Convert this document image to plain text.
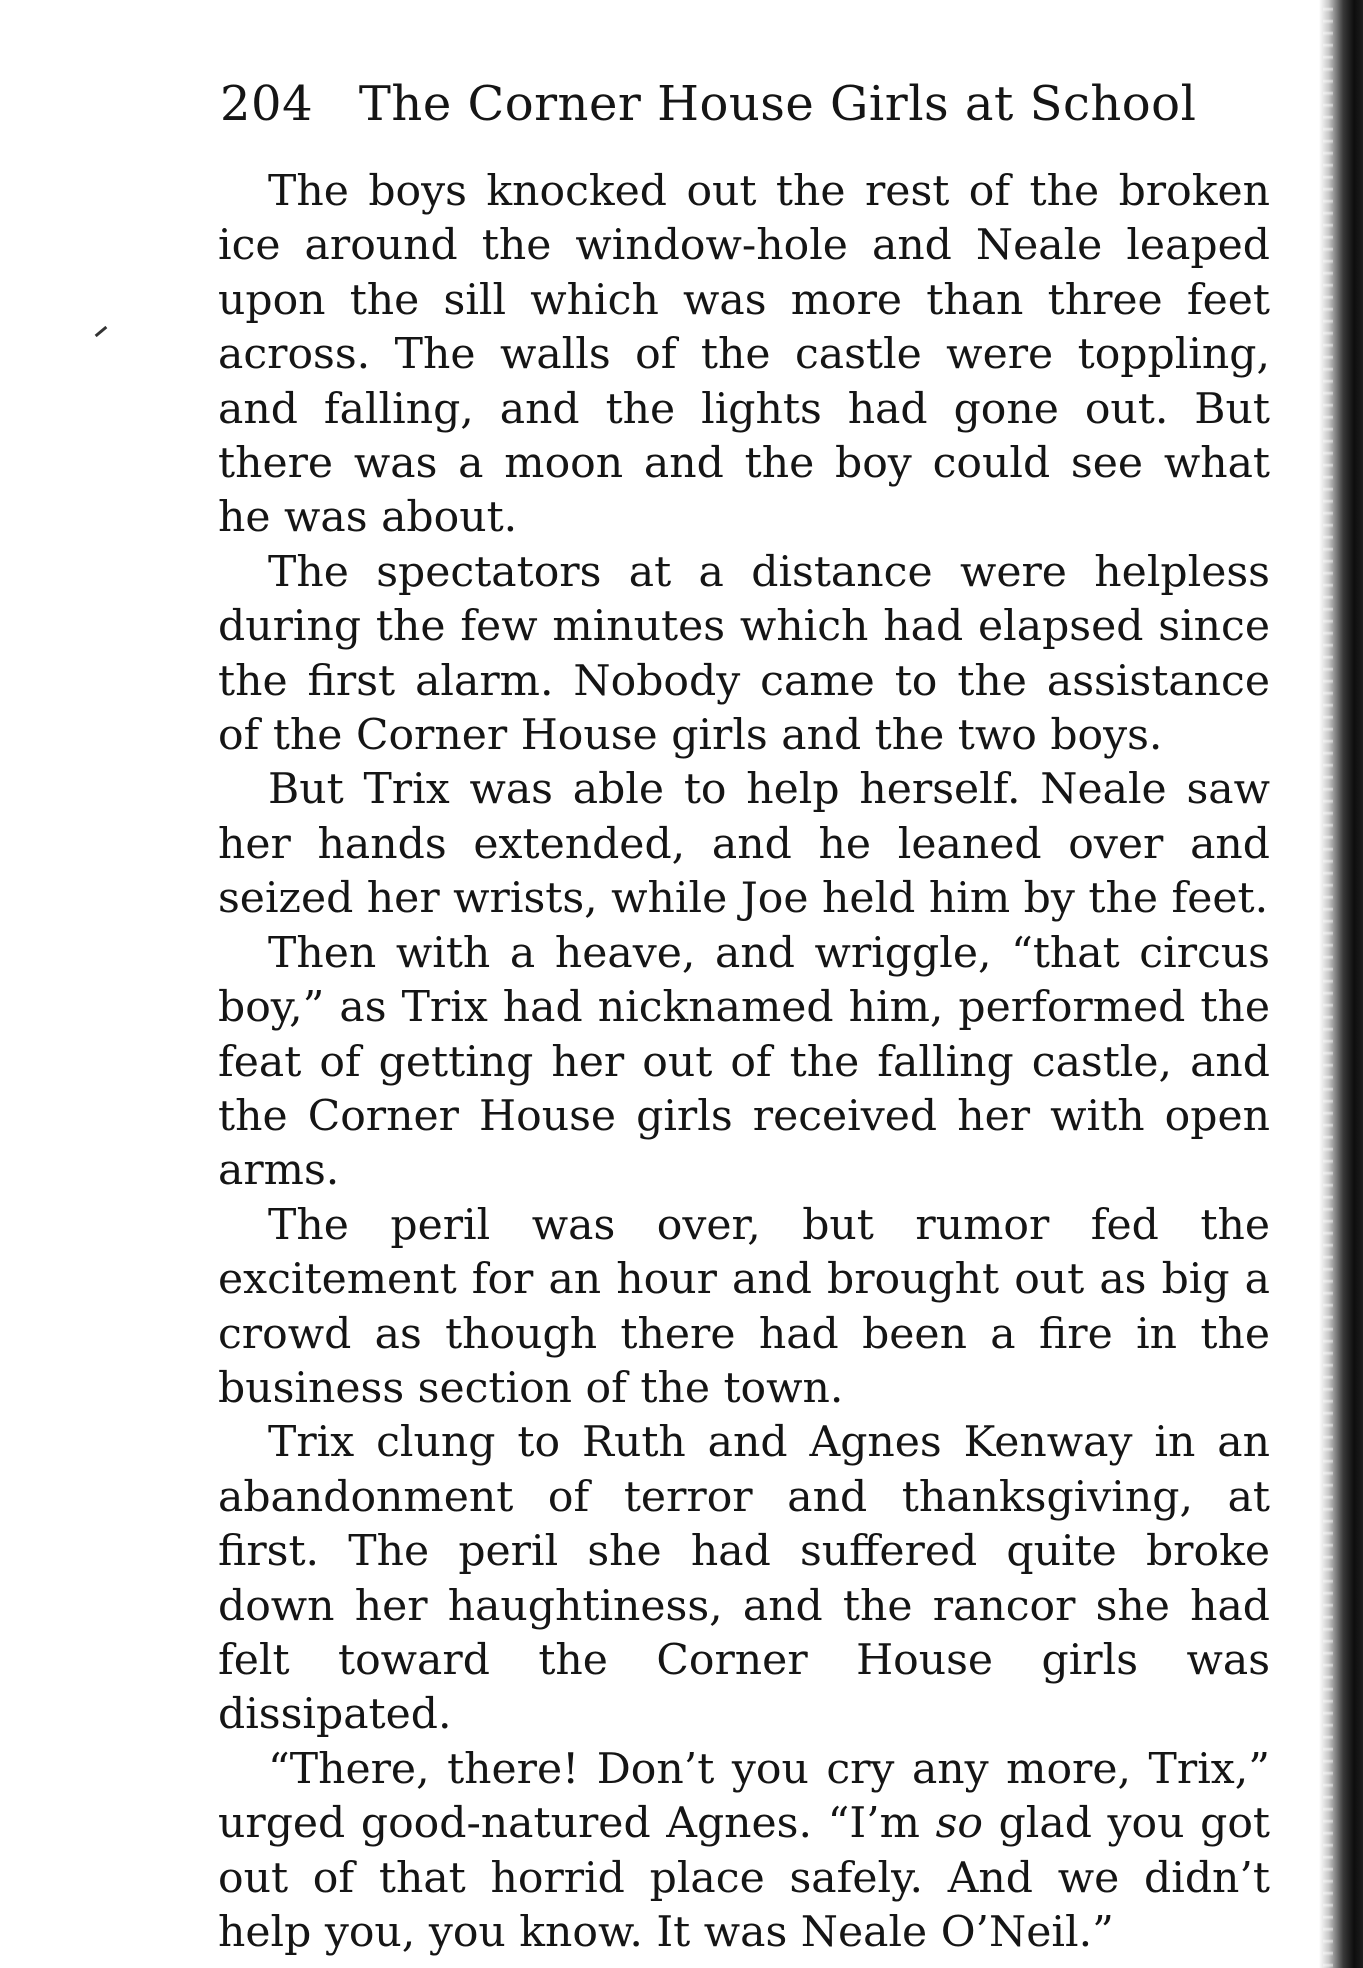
204 The Corner House Girls at School

The boys knocked out the rest of the broken ice around the window-hole and Neale leaped upon the sill which was more than three feet across. The walls of the castle were toppling, and falling, and the lights had gone out. But there was a moon and the boy could see what he was about.

The spectators at a distance were helpless during the few minutes which had elapsed since the first alarm. Nobody came to the assistance of the Corner House girls and the two boys.

But Trix was able to help herself. Neale saw her hands extended, and he leaned over and seized her wrists, while Joe held him by the feet.

Then with a heave, and wriggle, “that circus boy,” as Trix had nicknamed him, performed the feat of getting her out of the falling castle, and the Corner House girls received her with open arms.

The peril was over, but rumor fed the excitement for an hour and brought out as big a crowd as though there had been a fire in the business section of the town.

Trix clung to Ruth and Agnes Kenway in an abandonment of terror and thanksgiving, at first. The peril she had suffered quite broke down her haughtiness, and the rancor she had felt toward the Corner House girls was dissipated.

“There, there! Don’t you cry any more, Trix,” urged good-natured Agnes. “I’m so glad you got out of that horrid place safely. And we didn’t help you, you know. It was Neale O’Neil.”
